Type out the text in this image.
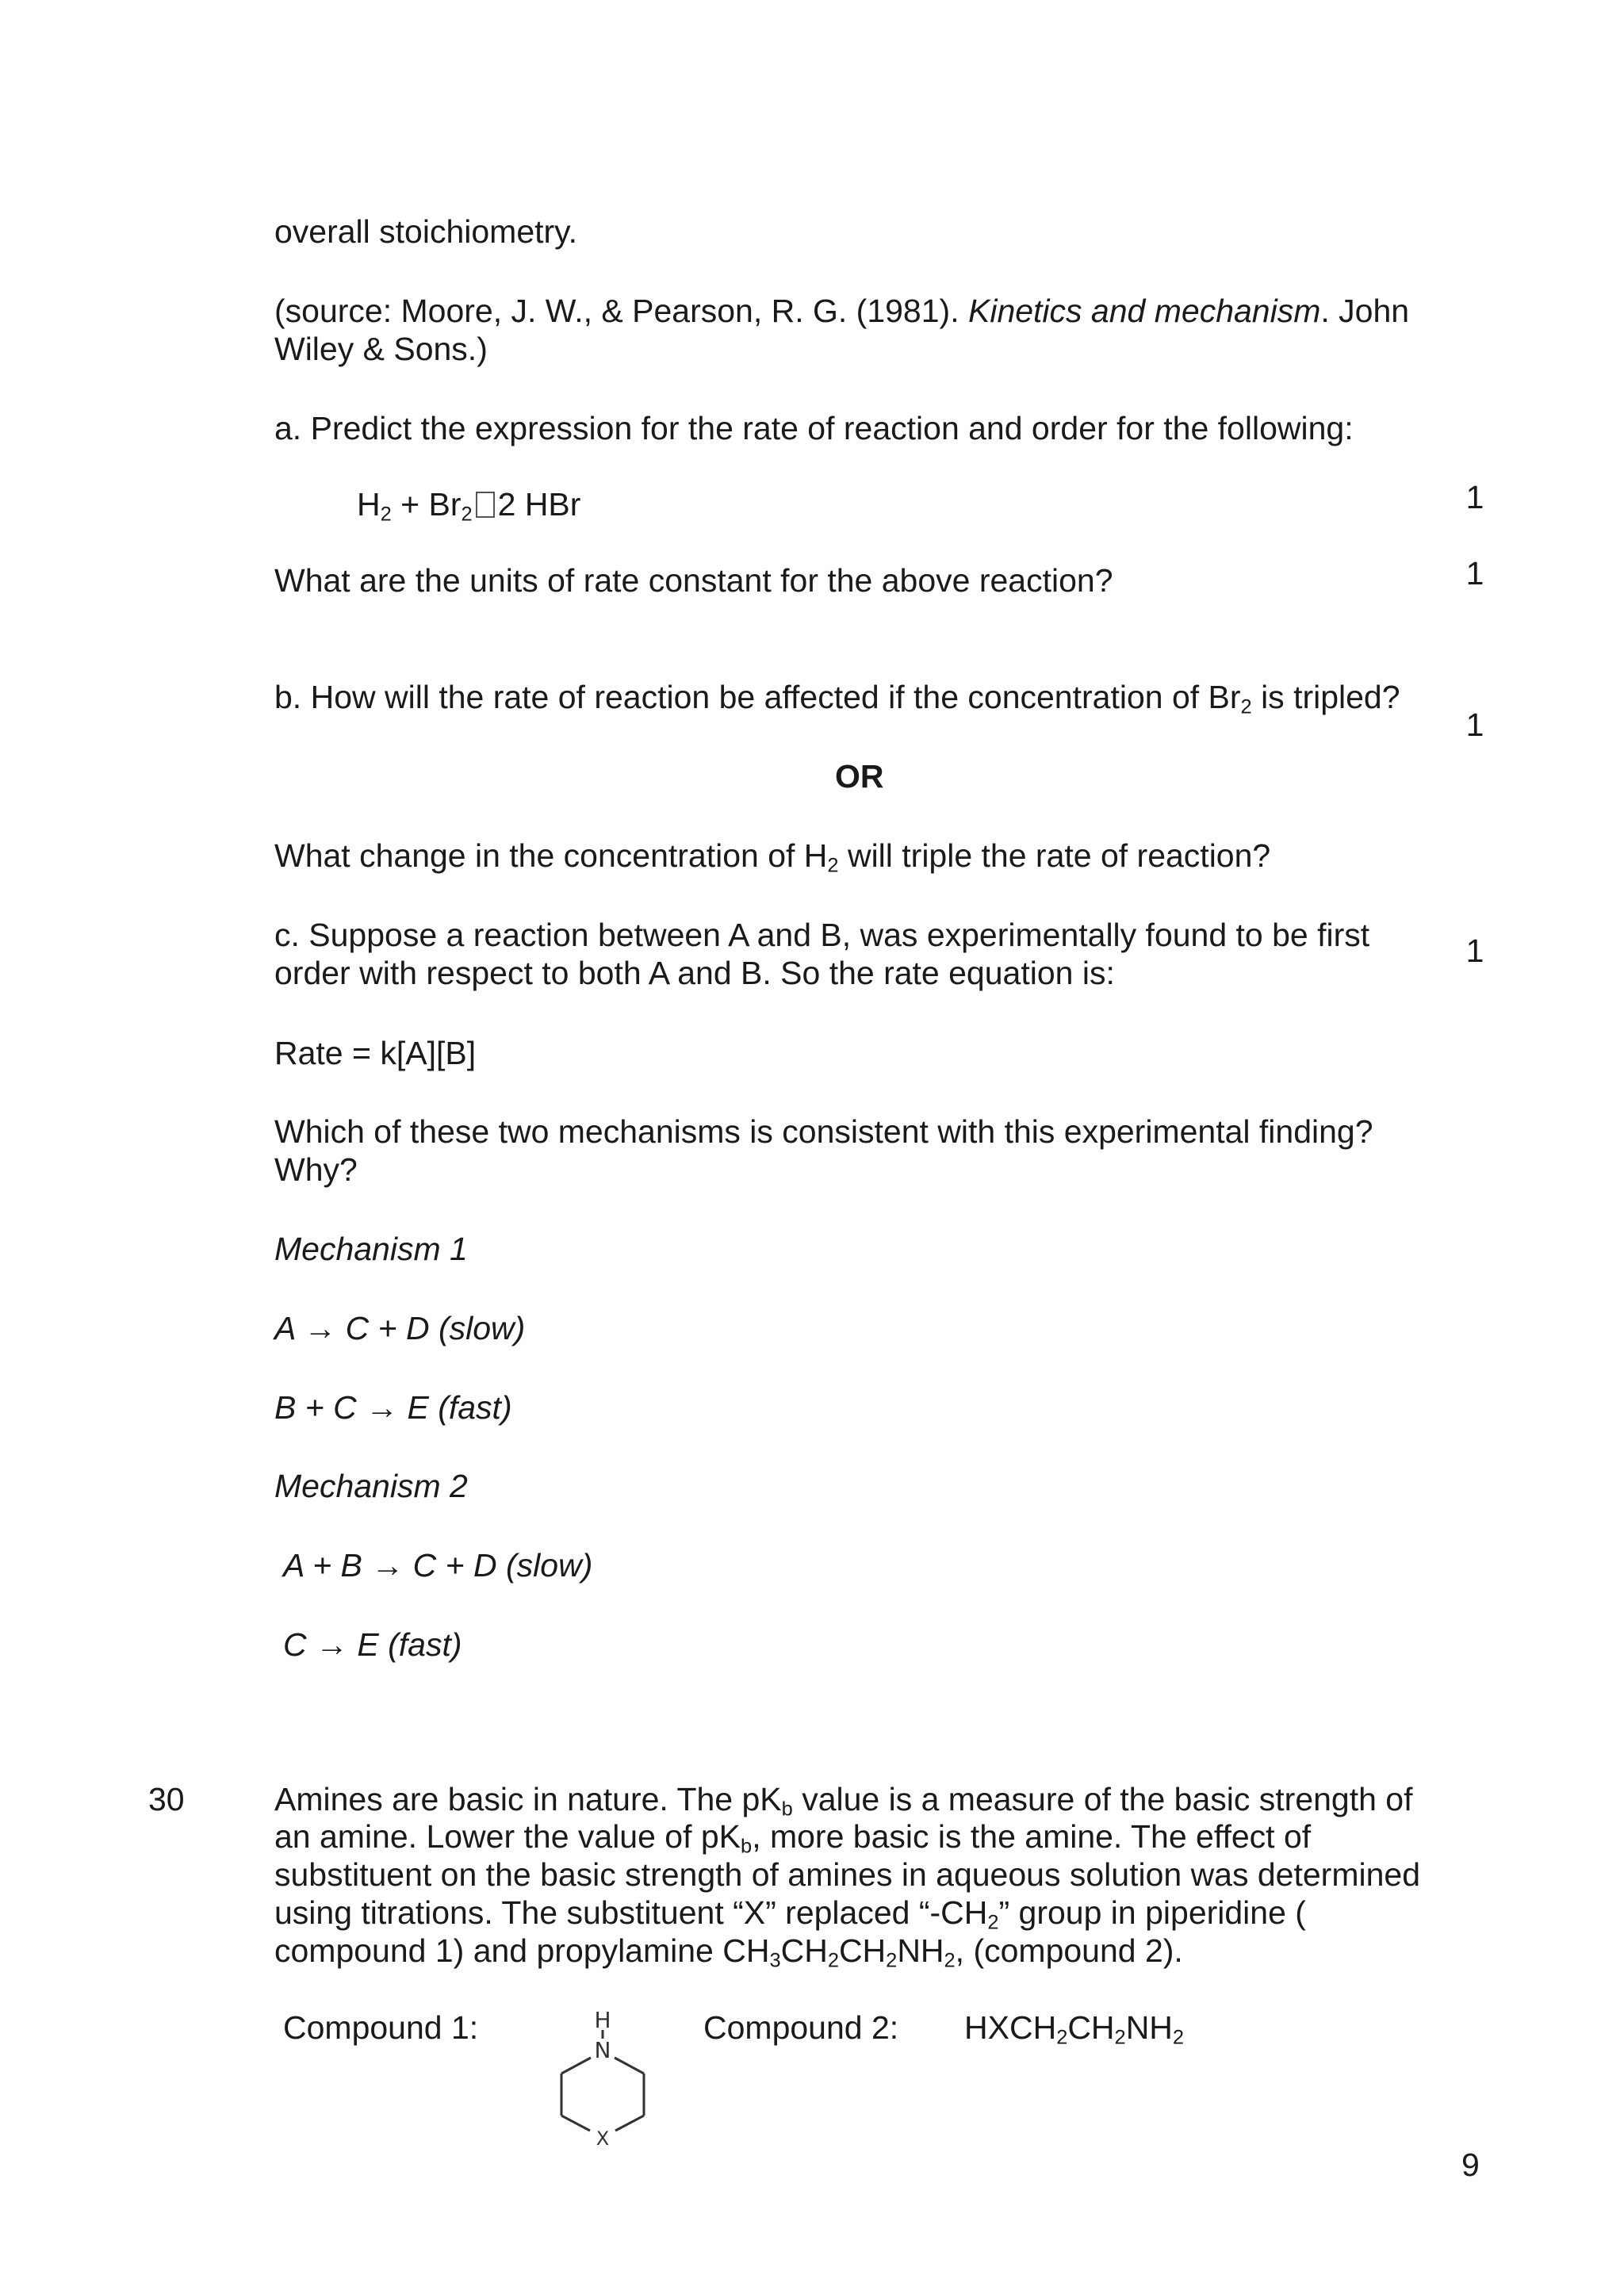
overall stoichiometry.
(source: Moore, J. W., & Pearson, R. G. (1981). Kinetics and mechanism. John
Wiley & Sons.)
a. Predict the expression for the rate of reaction and order for the following:
$H_2 + Br_2$ 2 HBr	1
What are the units of rate constant for the above reaction?	1
b. How will the rate of reaction be affected if the concentration of $Br_2$ is tripled?
1
OR
What change in the concentration of $H_2$ will triple the rate of reaction?
c. Suppose a reaction between A and B, was experimentally found to be first
order with respect to both A and B. So the rate equation is:
1
Rate = k[A][B]
Which of these two mechanisms is consistent with this experimental finding?
Why?
Mechanism 1
A → C + D (slow)
B + C → E (fast)
Mechanism 2
A + B → C + D (slow)
C → E (fast)
30	Amines are basic in nature. The $pK_b$ value is a measure of the basic strength of
an amine. Lower the value of $pK_b$, more basic is the amine. The effect of
substituent on the basic strength of amines in aqueous solution was determined
using titrations. The substituent “X” replaced “$-CH_2$” group in piperidine (
compound 1) and propylamine $CH_3CH_2CH_2NH_2$, (compound 2).
Compound 1:	H
N
X
Compound 2: $HXCH_2CH_2NH_2$
9
